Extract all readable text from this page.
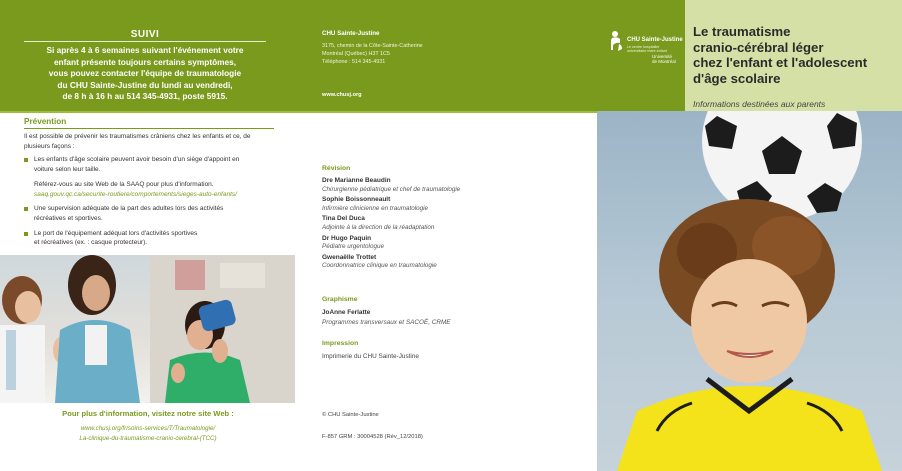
SUIVI
Si après 4 à 6 semaines suivant l'événement votre
enfant présente toujours certains symptômes,
vous pouvez contacter l'équipe de traumatologie
du CHU Sainte-Justine du lundi au vendredi,
de 8 h à 16 h au 514 345-4931, poste 5915.
CHU Sainte-Justine
3175, chemin de la Côte-Sainte-Catherine
Montréal (Québec) H3T 1C5
Téléphone : 514 345-4931
www.chusj.org
CHU Sainte-Justine
Le centre hospitalier
universitaire mère-enfant
Université
de Montréal
Le traumatisme
cranio-cérébral léger
chez l'enfant et l'adolescent
d'âge scolaire
Informations destinées aux parents
Prévention
Il est possible de prévenir les traumatismes crâniens chez les enfants et ce, de plusieurs façons :
Les enfants d'âge scolaire peuvent avoir besoin d'un siège d'appoint en
voiture selon leur taille.
Référez-vous au site Web de la SAAQ pour plus d'information.
saaq.gouv.qc.ca/securite-routiere/comportements/sieges-auto-enfants/
Une supervision adéquate de la part des adultes lors des activités
récréatives et sportives.
Le port de l'équipement adéquat lors d'activités sportives
et récréatives (ex. : casque protecteur).
Pour plus d'information, visitez notre site Web :
www.chusj.org/fr/soins-services/T/Traumatologie/
La-clinique-du-traumatisme-cranio-cerebral-(TCC)
Révision
Dre Marianne Beaudin
Chirurgienne pédiatrique et chef de traumatologie
Sophie Boissonneault
Infirmière clinicienne en traumatologie
Tina Del Duca
Adjointe à la direction de la réadaptation
Dr Hugo Paquin
Pédiatre urgentologue
Gwenaëlle Trottet
Coordonnatrice clinique en traumatologie
Graphisme
JoAnne Ferlatte
Programmes transversaux et SACOÉ, CRME
Impression
Imprimerie du CHU Sainte-Justine
© CHU Sainte-Justine
F-857 GRM : 30004528 (Rév_12/2018)
